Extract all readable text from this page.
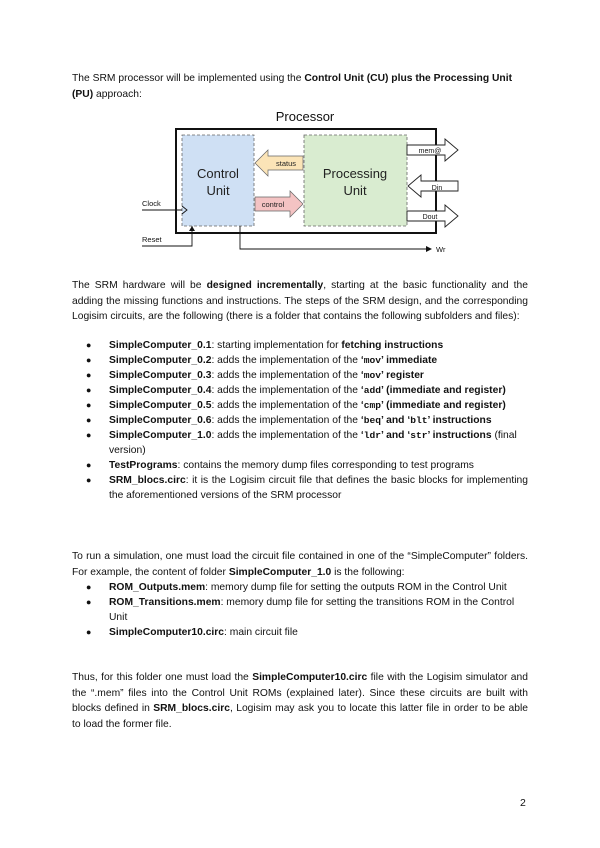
The SRM processor will be implemented using the Control Unit (CU) plus the Processing Unit (PU) approach:

Processor
Control
Unit
Processing
Unit
status
control
mem@
Din
Dout
Clock
Reset
Wr

The SRM hardware will be designed incrementally, starting at the basic functionality and the adding the missing functions and instructions. The steps of the SRM design, and the corresponding Logisim circuits, are the following (there is a folder that contains the following subfolders and files):

● SimpleComputer_0.1: starting implementation for fetching instructions
● SimpleComputer_0.2: adds the implementation of the ‘mov’ immediate
● SimpleComputer_0.3: adds the implementation of the ‘mov’ register
● SimpleComputer_0.4: adds the implementation of the ‘add’ (immediate and register)
● SimpleComputer_0.5: adds the implementation of the ‘cmp’ (immediate and register)
● SimpleComputer_0.6: adds the implementation of the ‘beq’ and ‘blt’ instructions
● SimpleComputer_1.0: adds the implementation of the ‘ldr’ and ‘str’ instructions (final version)
● TestPrograms: contains the memory dump files corresponding to test programs
● SRM_blocs.circ: it is the Logisim circuit file that defines the basic blocks for implementing the aforementioned versions of the SRM processor

To run a simulation, one must load the circuit file contained in one of the “SimpleComputer” folders. For example, the content of folder SimpleComputer_1.0 is the following:

● ROM_Outputs.mem: memory dump file for setting the outputs ROM in the Control Unit
● ROM_Transitions.mem: memory dump file for setting the transitions ROM in the Control Unit
● SimpleComputer10.circ: main circuit file

Thus, for this folder one must load the SimpleComputer10.circ file with the Logisim simulator and the “.mem” files into the Control Unit ROMs (explained later). Since these circuits are built with blocks defined in SRM_blocs.circ, Logisim may ask you to locate this latter file in order to be able to load the former file.

2
